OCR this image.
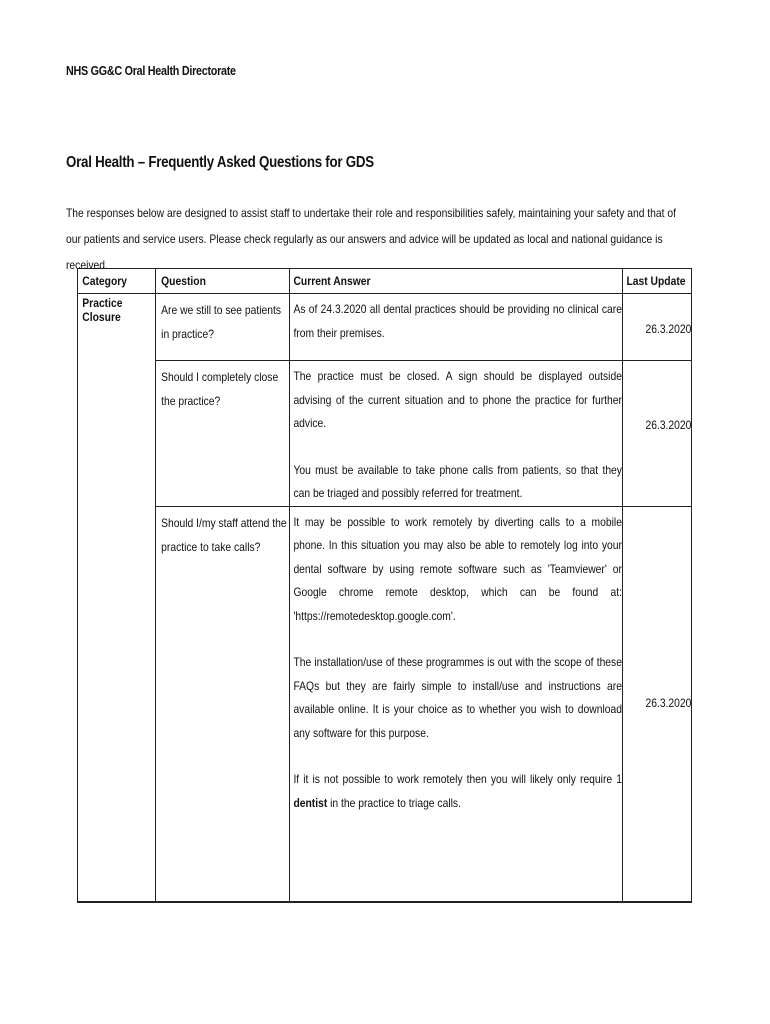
NHS GG&C Oral Health Directorate
Oral Health – Frequently Asked Questions for GDS
The responses below are designed to assist staff to undertake their role and responsibilities safely, maintaining your safety and that of our patients and service users. Please check regularly as our answers and advice will be updated as local and national guidance is received.
Category	Question	Current Answer	Last Update

Practice Closure	Are we still to see patients in practice?	As of 24.3.2020 all dental practices should be providing no clinical care from their premises.	26.3.2020

	Should I completely close the practice?	The practice must be closed. A sign should be displayed outside advising of the current situation and to phone the practice for further advice.

You must be available to take phone calls from patients, so that they can be triaged and possibly referred for treatment.	26.3.2020

	Should I/my staff attend the practice to take calls?	It may be possible to work remotely by diverting calls to a mobile phone. In this situation you may also be able to remotely log into your dental software by using remote software such as 'Teamviewer' or Google chrome remote desktop, which can be found at: 'https://remotedesktop.google.com'.

The installation/use of these programmes is out with the scope of these FAQs but they are fairly simple to install/use and instructions are available online. It is your choice as to whether you wish to download any software for this purpose.

If it is not possible to work remotely then you will likely only require 1 dentist in the practice to triage calls.	26.3.2020
